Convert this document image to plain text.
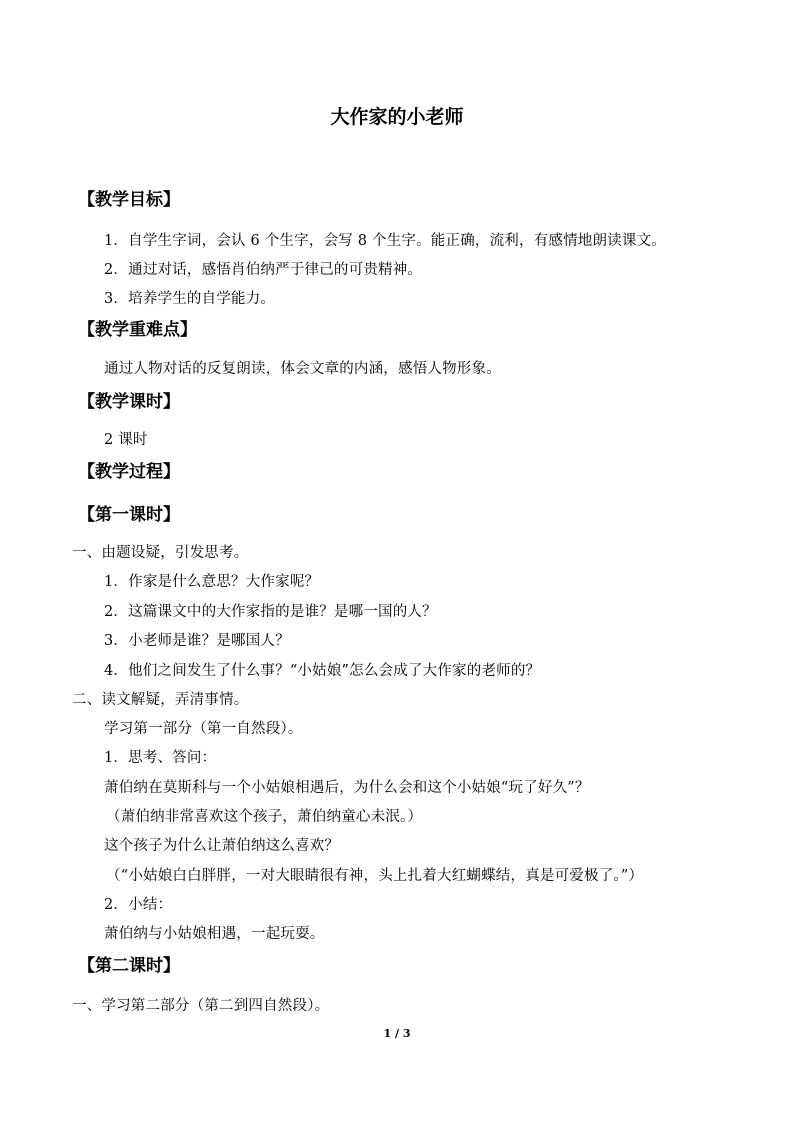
大作家的小老师
【教学目标】
1．自学生字词，会认 6 个生字，会写 8 个生字。能正确，流利，有感情地朗读课文。
2．通过对话，感悟肖伯纳严于律己的可贵精神。
3．培养学生的自学能力。
【教学重难点】
通过人物对话的反复朗读，体会文章的内涵，感悟人物形象。
【教学课时】
2 课时
【教学过程】
【第一课时】
一、由题设疑，引发思考。
1．作家是什么意思？大作家呢？
2．这篇课文中的大作家指的是谁？是哪一国的人？
3．小老师是谁？是哪国人？
4．他们之间发生了什么事？“小姑娘”怎么会成了大作家的老师的？
二、读文解疑，弄清事情。
学习第一部分（第一自然段）。
1．思考、答问：
萧伯纳在莫斯科与一个小姑娘相遇后，为什么会和这个小姑娘“玩了好久”？
（萧伯纳非常喜欢这个孩子，萧伯纳童心未泯。）
这个孩子为什么让萧伯纳这么喜欢？
（“小姑娘白白胖胖，一对大眼睛很有神，头上扎着大红蝴蝶结，真是可爱极了。”）
2．小结：
萧伯纳与小姑娘相遇，一起玩耍。
【第二课时】
一、学习第二部分（第二到四自然段）。
1 / 3
